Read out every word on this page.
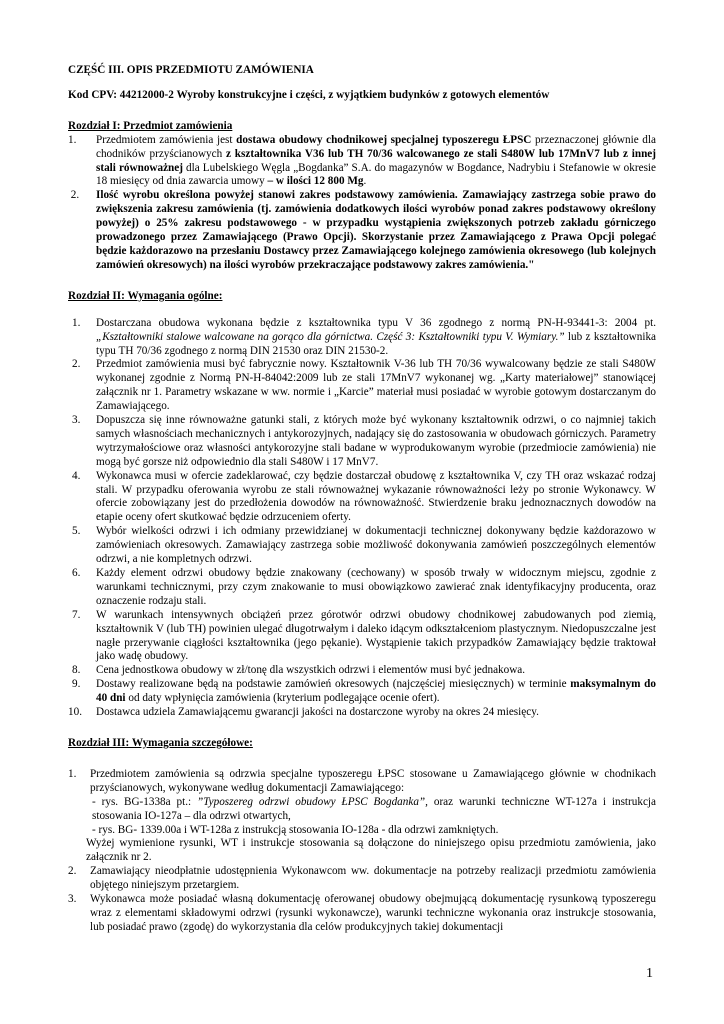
CZĘŚĆ III. OPIS PRZEDMIOTU ZAMÓWIENIA

Kod CPV: 44212000-2 Wyroby konstrukcyjne i części, z wyjątkiem budynków z gotowych elementów

Rozdział I: Przedmiot zamówienia

1.	Przedmiotem zamówienia jest dostawa obudowy chodnikowej specjalnej typoszeregu ŁPSC przeznaczonej głównie dla chodników przyścianowych z kształtownika V36 lub TH 70/36 walcowanego ze stali S480W lub 17MnV7 lub z innej stali równoważnej dla Lubelskiego Węgla „Bogdanka” S.A. do magazynów w Bogdance, Nadrybiu i Stefanowie w okresie 18 miesięcy od dnia zawarcia umowy – w ilości 12 800 Mg.
2.	Ilość wyrobu określona powyżej stanowi zakres podstawowy zamówienia. Zamawiający zastrzega sobie prawo do zwiększenia zakresu zamówienia (tj. zamówienia dodatkowych ilości wyrobów ponad zakres podstawowy określony powyżej) o 25% zakresu podstawowego - w przypadku wystąpienia zwiększonych potrzeb zakładu górniczego prowadzonego przez Zamawiającego (Prawo Opcji). Skorzystanie przez Zamawiającego z Prawa Opcji polegać będzie każdorazowo na przesłaniu Dostawcy przez Zamawiającego kolejnego zamówienia okresowego (lub kolejnych zamówień okresowych) na ilości wyrobów przekraczające podstawowy zakres zamówienia."

Rozdział II: Wymagania ogólne:

1.	Dostarczana obudowa wykonana będzie z kształtownika typu V 36 zgodnego z normą PN-H-93441-3: 2004 pt. „Kształtowniki stalowe walcowane na gorąco dla górnictwa. Część 3: Kształtowniki typu V. Wymiary.” lub z kształtownika typu TH 70/36 zgodnego z normą DIN 21530 oraz DIN 21530-2.
2.	Przedmiot zamówienia musi być fabrycznie nowy. Kształtownik V-36 lub TH 70/36 wywalcowany będzie ze stali S480W wykonanej zgodnie z Normą PN-H-84042:2009 lub ze stali 17MnV7 wykonanej wg. „Karty materiałowej” stanowiącej załącznik nr 1. Parametry wskazane w ww. normie i „Karcie” materiał musi posiadać w wyrobie gotowym dostarczanym do Zamawiającego.
3.	Dopuszcza się inne równoważne gatunki stali, z których może być wykonany kształtownik odrzwi, o co najmniej takich samych własnościach mechanicznych i antykorozyjnych, nadający się do zastosowania w obudowach górniczych. Parametry wytrzymałościowe oraz własności antykorozyjne stali badane w wyprodukowanym wyrobie (przedmiocie zamówienia) nie mogą być gorsze niż odpowiednio dla stali S480W i 17 MnV7.
4.	Wykonawca musi w ofercie zadeklarować, czy będzie dostarczał obudowę z kształtownika V, czy TH oraz wskazać rodzaj stali. W przypadku oferowania wyrobu ze stali równoważnej wykazanie równoważności leży po stronie Wykonawcy. W ofercie zobowiązany jest do przedłożenia dowodów na równoważność. Stwierdzenie braku jednoznacznych dowodów na etapie oceny ofert skutkować będzie odrzuceniem oferty.
5.	Wybór wielkości odrzwi i ich odmiany przewidzianej w dokumentacji technicznej dokonywany będzie każdorazowo w zamówieniach okresowych. Zamawiający zastrzega sobie możliwość dokonywania zamówień poszczególnych elementów odrzwi, a nie kompletnych odrzwi.
6.	Każdy element odrzwi obudowy będzie znakowany (cechowany) w sposób trwały w widocznym miejscu, zgodnie z warunkami technicznymi, przy czym znakowanie to musi obowiązkowo zawierać znak identyfikacyjny producenta, oraz oznaczenie rodzaju stali.
7.	W warunkach intensywnych obciążeń przez górotwór odrzwi obudowy chodnikowej zabudowanych pod ziemią, kształtownik V (lub TH) powinien ulegać długotrwałym i daleko idącym odkształceniom plastycznym. Niedopuszczalne jest nagłe przerywanie ciągłości kształtownika (jego pękanie). Wystąpienie takich przypadków Zamawiający będzie traktował jako wadę obudowy.
8.	Cena jednostkowa obudowy w zł/tonę dla wszystkich odrzwi i elementów musi być jednakowa.
9.	Dostawy realizowane będą na podstawie zamówień okresowych (najczęściej miesięcznych) w terminie maksymalnym do 40 dni od daty wpłynięcia zamówienia (kryterium podlegające ocenie ofert).
10.	Dostawca udziela Zamawiającemu gwarancji jakości na dostarczone wyroby na okres 24 miesięcy.

Rozdział III: Wymagania szczegółowe:

1.	Przedmiotem zamówienia są odrzwia specjalne typoszeregu ŁPSC stosowane u Zamawiającego głównie w chodnikach przyścianowych, wykonywane według dokumentacji Zamawiającego:
- rys. BG-1338a pt.: ”Typoszereg odrzwi obudowy ŁPSC Bogdanka”, oraz warunki techniczne WT-127a i instrukcja stosowania IO-127a – dla odrzwi otwartych,
- rys. BG- 1339.00a i WT-128a z instrukcją stosowania IO-128a - dla odrzwi zamkniętych.
Wyżej wymienione rysunki, WT i instrukcje stosowania są dołączone do niniejszego opisu przedmiotu zamówienia, jako załącznik nr 2.
2.	Zamawiający nieodpłatnie udostępnienia Wykonawcom ww. dokumentacje na potrzeby realizacji przedmiotu zamówienia objętego niniejszym przetargiem.
3.	Wykonawca może posiadać własną dokumentację oferowanej obudowy obejmującą dokumentację rysunkową typoszeregu wraz z elementami składowymi odrzwi (rysunki wykonawcze), warunki techniczne wykonania oraz instrukcje stosowania, lub posiadać prawo (zgodę) do wykorzystania dla celów produkcyjnych takiej dokumentacji
1
